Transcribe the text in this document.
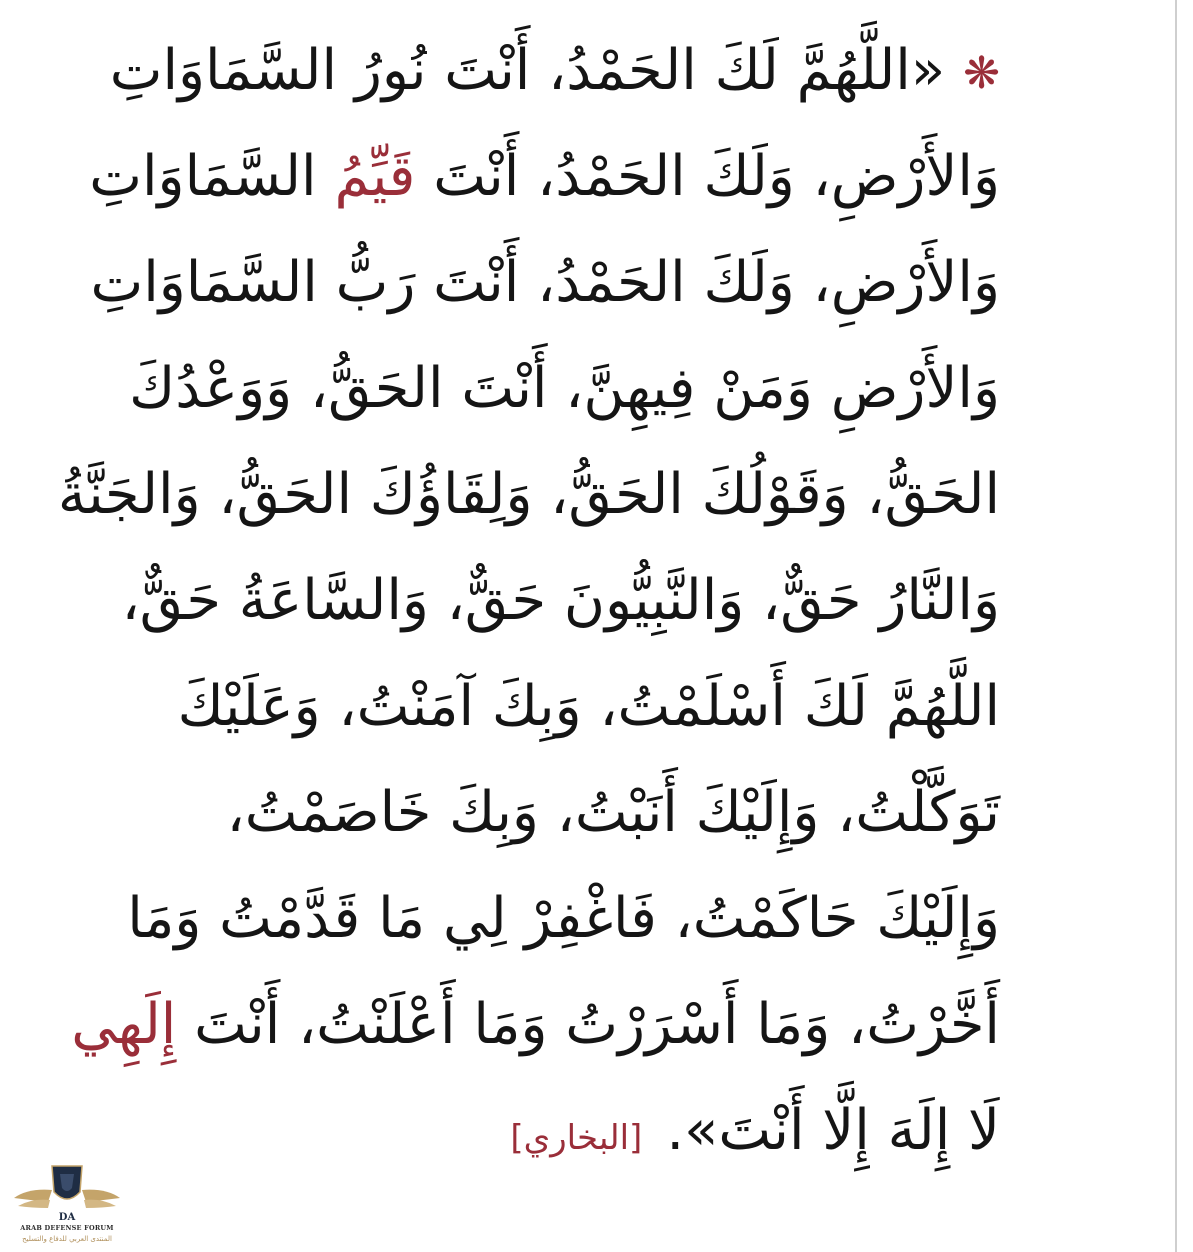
❋«اللَّهُمَّ لَكَ الحَمْدُ، أَنْتَ نُورُ السَّمَاوَاتِ
وَالأَرْضِ، وَلَكَ الحَمْدُ، أَنْتَ قَيِّمُ السَّمَاوَاتِ
وَالأَرْضِ، وَلَكَ الحَمْدُ، أَنْتَ رَبُّ السَّمَاوَاتِ
وَالأَرْضِ وَمَنْ فِيهِنَّ، أَنْتَ الحَقُّ، وَوَعْدُكَ
الحَقُّ، وَقَوْلُكَ الحَقُّ، وَلِقَاؤُكَ الحَقُّ، وَالجَنَّةُ
وَالنَّارُ حَقٌّ، وَالنَّبِيُّونَ حَقٌّ، وَالسَّاعَةُ حَقٌّ،
اللَّهُمَّ لَكَ أَسْلَمْتُ، وَبِكَ آمَنْتُ، وَعَلَيْكَ
تَوَكَّلْتُ، وَإِلَيْكَ أَنَبْتُ، وَبِكَ خَاصَمْتُ،
وَإِلَيْكَ حَاكَمْتُ، فَاغْفِرْ لِي مَا قَدَّمْتُ وَمَا
أَخَّرْتُ، وَمَا أَسْرَرْتُ وَمَا أَعْلَنْتُ، أَنْتَ إِلَهِي
لَا إِلَهَ إِلَّا أَنْتَ».[البخاري]
DA
ARAB DEFENSE FORUM
المنتدى العربي للدفاع والتسليح
